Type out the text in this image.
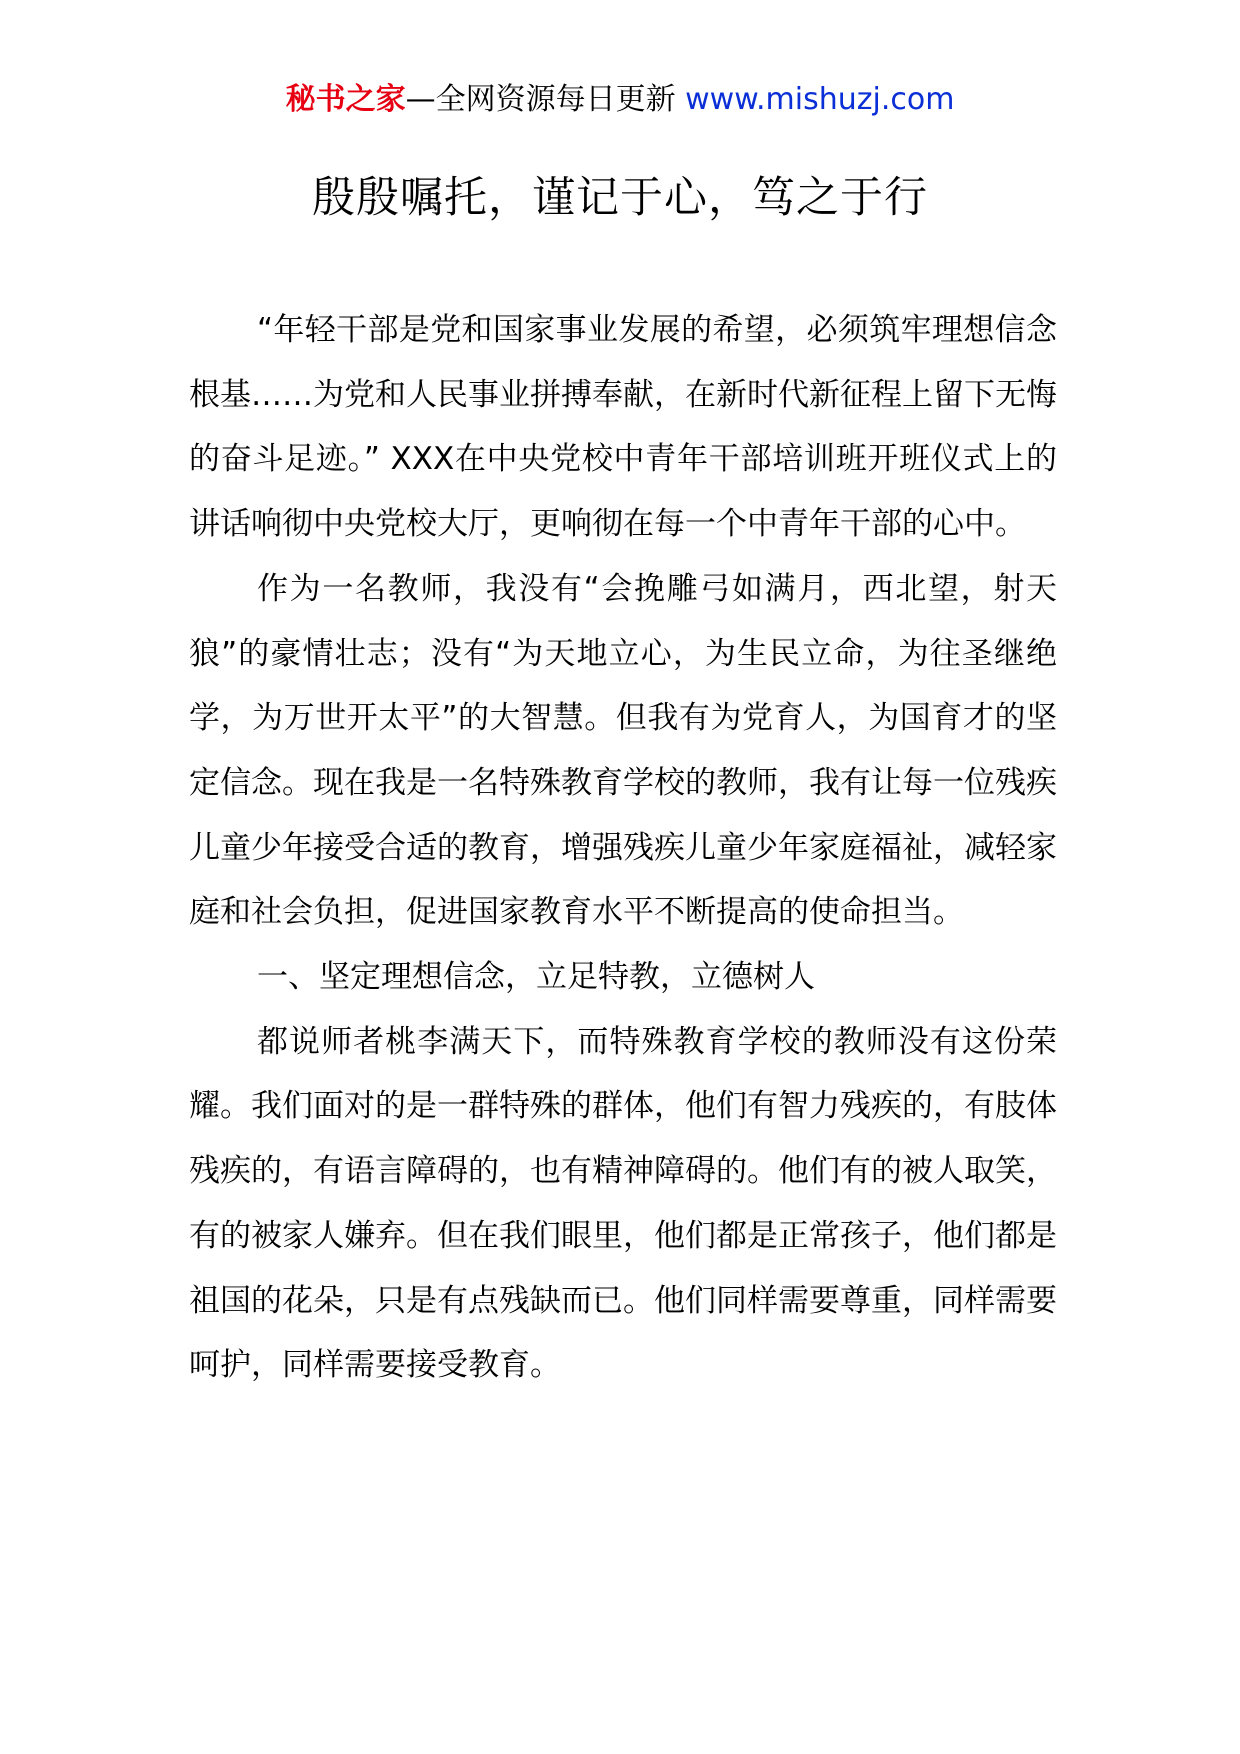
秘书之家—全网资源每日更新 www.mishuzj.com
殷殷嘱托，谨记于心，笃之于行

“年轻干部是党和国家事业发展的希望，必须筑牢理想信念根基……为党和人民事业拼搏奉献，在新时代新征程上留下无悔的奋斗足迹。” XXX在中央党校中青年干部培训班开班仪式上的讲话响彻中央党校大厅，更响彻在每一个中青年干部的心中。

作为一名教师，我没有“会挽雕弓如满月，西北望，射天狼”的豪情壮志；没有“为天地立心，为生民立命，为往圣继绝学，为万世开太平”的大智慧。但我有为党育人，为国育才的坚定信念。现在我是一名特殊教育学校的教师，我有让每一位残疾儿童少年接受合适的教育，增强残疾儿童少年家庭福祉，减轻家庭和社会负担，促进国家教育水平不断提高的使命担当。

一、坚定理想信念，立足特教，立德树人

都说师者桃李满天下，而特殊教育学校的教师没有这份荣耀。我们面对的是一群特殊的群体，他们有智力残疾的，有肢体残疾的，有语言障碍的，也有精神障碍的。他们有的被人取笑，有的被家人嫌弃。但在我们眼里，他们都是正常孩子，他们都是祖国的花朵，只是有点残缺而已。他们同样需要尊重，同样需要呵护，同样需要接受教育。
